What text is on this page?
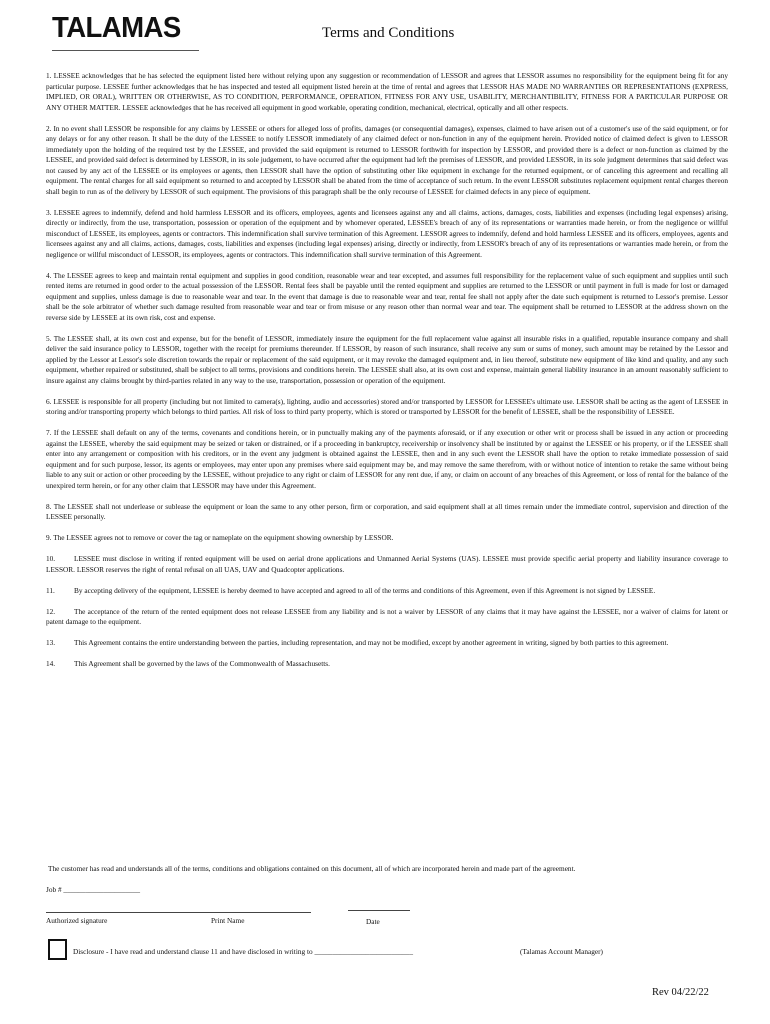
TALAMAS	Terms and Conditions

1. LESSEE acknowledges that he has selected the equipment listed here without relying upon any suggestion or recommendation of LESSOR and agrees that LESSOR assumes no responsibility for the equipment being fit for any particular purpose. LESSEE further acknowledges that he has inspected and tested all equipment listed herein at the time of rental and agrees that LESSOR HAS MADE NO WARRANTIES OR REPRESENTATIONS (EXPRESS, IMPLIED, OR ORAL), WRITTEN OR OTHERWISE, AS TO CONDITION, PERFORMANCE, OPERATION, FITNESS FOR ANY USE, USABILITY, MERCHANTIBILITY, FITNESS FOR A PARTICULAR PURPOSE OR ANY OTHER MATTER. LESSEE acknowledges that he has received all equipment in good workable, operating condition, mechanical, electrical, optically and all other respects.

2. In no event shall LESSOR be responsible for any claims by LESSEE or others for alleged loss of profits, damages (or consequential damages), expenses, claimed to have arisen out of a customer's use of the said equipment, or for any delays or for any other reason. It shall be the duty of the LESSEE to notify LESSOR immediately of any claimed defect or non-function in any of the equipment herein. Provided notice of claimed defect is given to LESSOR immediately upon the holding of the required test by the LESSEE, and provided the said equipment is returned to LESSOR forthwith for inspection by LESSOR, and provided there is a defect or non-function as claimed by the LESSEE, and provided said defect is determined by LESSOR, in its sole judgement, to have occurred after the equipment had left the premises of LESSOR, and provided LESSOR, in its sole judgment determines that said defect was not caused by any act of the LESSEE or its employees or agents, then LESSOR shall have the option of substituting other like equipment in exchange for the returned equipment, or of canceling this agreement and recalling all equipment. The rental charges for all said equipment so returned to and accepted by LESSOR shall be abated from the time of acceptance of such return. In the event LESSOR substitutes replacement equipment rental charges thereon shall begin to run as of the delivery by LESSOR of such equipment. The provisions of this paragraph shall be the only recourse of LESSEE for claimed defects in any piece of equipment.

3. LESSEE agrees to indemnify, defend and hold harmless LESSOR and its officers, employees, agents and licensees against any and all claims, actions, damages, costs, liabilities and expenses (including legal expenses) arising, directly or indirectly, from the use, transportation, possession or operation of the equipment and by whomever operated, LESSEE's breach of any of its representations or warranties made herein, or from the negligence or willful misconduct of LESSEE, its employees, agents or contractors. This indemnification shall survive termination of this Agreement. LESSOR agrees to indemnify, defend and hold harmless LESSEE and its officers, employees, agents and licensees against any and all claims, actions, damages, costs, liabilities and expenses (including legal expenses) arising, directly or indirectly, from LESSOR's breach of any of its representations or warranties made herein, or from the negligence or willful misconduct of LESSOR, its employees, agents or contractors. This indemnification shall survive termination of this Agreement.

4. The LESSEE agrees to keep and maintain rental equipment and supplies in good condition, reasonable wear and tear excepted, and assumes full responsibility for the replacement value of such equipment and supplies until such rented items are returned in good order to the actual possession of the LESSOR. Rental fees shall be payable until the rented equipment and supplies are returned to the LESSOR or until payment in full is made for lost or damaged equipment and supplies, unless damage is due to reasonable wear and tear. In the event that damage is due to reasonable wear and tear, rental fee shall not apply after the date such equipment is returned to Lessor's premise. Lessor shall be the sole arbitrator of whether such damage resulted from reasonable wear and tear or from misuse or any reason other than normal wear and tear. The equipment shall be returned to LESSOR at the address shown on the reverse side by LESSEE at its own risk, cost and expense.

5. The LESSEE shall, at its own cost and expense, but for the benefit of LESSOR, immediately insure the equipment for the full replacement value against all insurable risks in a qualified, reputable insurance company and shall deliver the said insurance policy to LESSOR, together with the receipt for premiums thereunder. If LESSOR, by reason of such insurance, shall receive any sum or sums of money, such amount may be retained by the Lessor and applied by the Lessor at Lessor's sole discretion towards the repair or replacement of the said equipment, or it may revoke the damaged equipment and, in lieu thereof, substitute new equipment of like kind and quality, and any such equipment, whether repaired or substituted, shall be subject to all terms, provisions and conditions herein. The LESSEE shall also, at its own cost and expense, maintain general liability insurance in an amount reasonably sufficient to insure against any claims brought by third-parties related in any way to the use, transportation, possession or operation of the equipment.

6. LESSEE is responsible for all property (including but not limited to camera(s), lighting, audio and accessories) stored and/or transported by LESSOR for LESSEE's ultimate use. LESSOR shall be acting as the agent of LESSEE in storing and/or transporting property which belongs to third parties. All risk of loss to third party property, which is stored or transported by LESSOR for the benefit of LESSEE, shall be the responsibility of LESSEE.

7. If the LESSEE shall default on any of the terms, covenants and conditions herein, or in punctually making any of the payments aforesaid, or if any execution or other writ or process shall be issued in any action or proceeding against the LESSEE, whereby the said equipment may be seized or taken or distrained, or if a proceeding in bankruptcy, receivership or insolvency shall be instituted by or against the LESSEE or his property, or if the LESSEE shall enter into any arrangement or composition with his creditors, or in the event any judgment is obtained against the LESSEE, then and in any such event the LESSOR shall have the option to retake immediate possession of said equipment and for such purpose, lessor, its agents or employees, may enter upon any premises where said equipment may be, and may remove the same therefrom, with or without notice of intention to retake the same without being liable to any suit or action or other proceeding by the LESSEE, without prejudice to any right or claim of LESSOR for any rent due, if any, or claim on account of any breaches of this Agreement, or loss of rental for the balance of the unexpired term herein, or for any other claim that LESSOR may have under this Agreement.

8. The LESSEE shall not underlease or sublease the equipment or loan the same to any other person, firm or corporation, and said equipment shall at all times remain under the immediate control, supervision and direction of the LESSEE personally.

9. The LESSEE agrees not to remove or cover the tag or nameplate on the equipment showing ownership by LESSOR.

10.	LESSEE must disclose in writing if rented equipment will be used on aerial drone applications and Unmanned Aerial Systems (UAS). LESSEE must provide specific aerial property and liability insurance coverage to LESSOR. LESSOR reserves the right of rental refusal on all UAS, UAV and Quadcopter applications.

11.	By accepting delivery of the equipment, LESSEE is hereby deemed to have accepted and agreed to all of the terms and conditions of this Agreement, even if this Agreement is not signed by LESSEE.

12.	The acceptance of the return of the rented equipment does not release LESSEE from any liability and is not a waiver by LESSOR of any claims that it may have against the LESSEE, nor a waiver of claims for latent or patent damage to the equipment.

13.	This Agreement contains the entire understanding between the parties, including representation, and may not be modified, except by another agreement in writing, signed by both parties to this agreement.

14.	This Agreement shall be governed by the laws of the Commonwealth of Massachusetts.

The customer has read and understands all of the terms, conditions and obligations contained on this document, all of which are incorporated herein and made part of the agreement.
Job # _____________________
Authorized signature	Print Name	Date
Disclosure - I have read and understand clause 11 and have disclosed in writing to ___________________________	(Talamas Account Manager)
Rev 04/22/22
